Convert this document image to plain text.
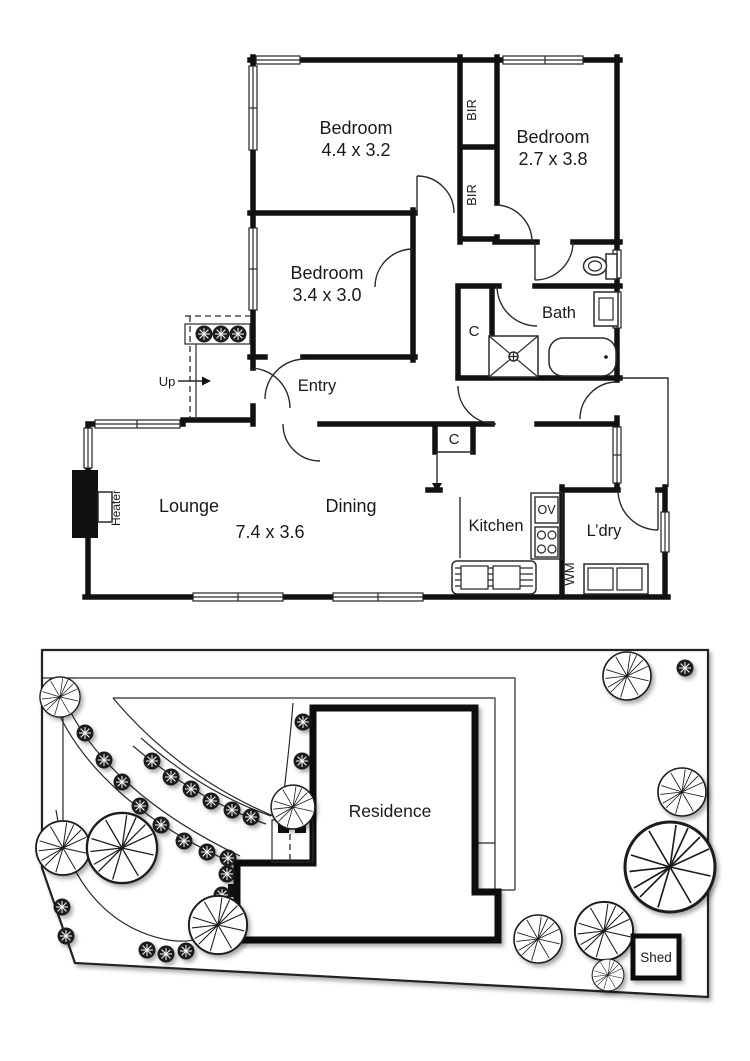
Bedroom
4.4 x 3.2
Bedroom
2.7 x 3.8
Bedroom
3.4 x 3.0
BIR
BIR
Bath
C
C
Entry
Up
Lounge	Dining
7.4 x 3.6
Heater	Kitchen
OV
WM
L’dry
Shed
Residence
